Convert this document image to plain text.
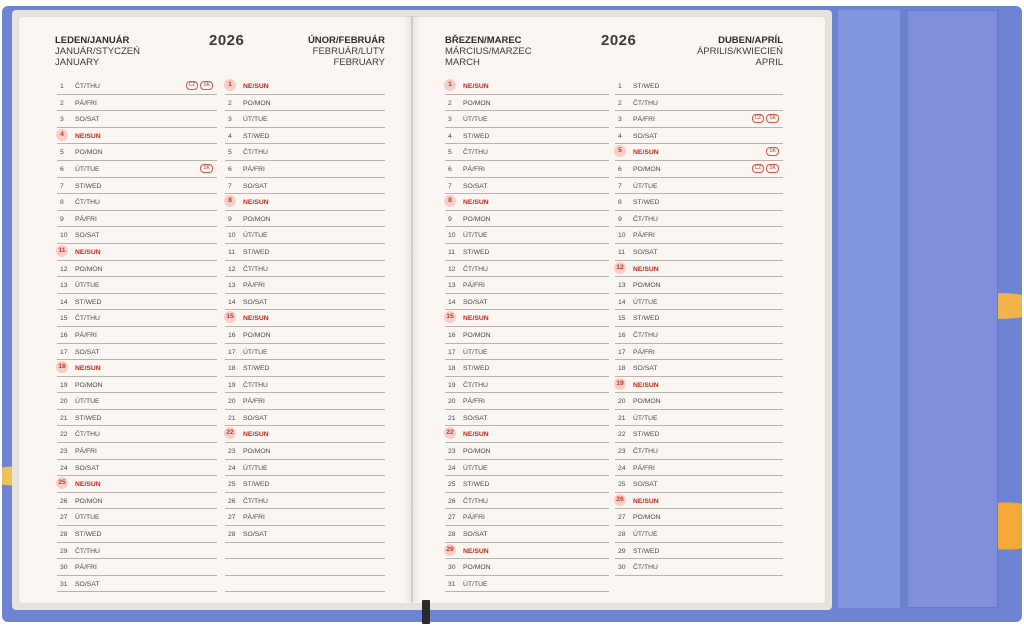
LEDEN/JANUÁR
JANUÁR/STYCZEŃ
JANUARY
2026	ÚNOR/FEBRUÁR
FEBRUÁR/LUTY
FEBRUARY
1	ČT/THU	CZ SK
2	PÁ/FRI
3	SO/SAT
4	NE/SUN
5	PO/MON
6	ÚT/TUE	SK
7	ST/WED
8	ČT/THU
9	PÁ/FRI
10	SO/SAT
11	NE/SUN
12	PO/MON
13	ÚT/TUE
14	ST/WED
15	ČT/THU
16	PÁ/FRI
17	SO/SAT
18	NE/SUN
19	PO/MON
20	ÚT/TUE
21	ST/WED
22	ČT/THU
23	PÁ/FRI
24	SO/SAT
25	NE/SUN
26	PO/MON
27	ÚT/TUE
28	ST/WED
29	ČT/THU
30	PÁ/FRI
31	SO/SAT
1	NE/SUN
2	PO/MON
3	ÚT/TUE
4	ST/WED
5	ČT/THU
6	PÁ/FRI
7	SO/SAT
8	NE/SUN
9	PO/MON
10	ÚT/TUE
11	ST/WED
12	ČT/THU
13	PÁ/FRI
14	SO/SAT
15	NE/SUN
16	PO/MON
17	ÚT/TUE
18	ST/WED
19	ČT/THU
20	PÁ/FRI
21	SO/SAT
22	NE/SUN
23	PO/MON
24	ÚT/TUE
25	ST/WED
26	ČT/THU
27	PÁ/FRI
28	SO/SAT
BŘEZEN/MAREC
MÁRCIUS/MARZEC
MARCH
2026	DUBEN/APRÍL
ÁPRILIS/KWIECIEŃ
APRIL
1	NE/SUN
2	PO/MON
3	ÚT/TUE
4	ST/WED
5	ČT/THU
6	PÁ/FRI
7	SO/SAT
8	NE/SUN
9	PO/MON
10	ÚT/TUE
11	ST/WED
12	ČT/THU
13	PÁ/FRI
14	SO/SAT
15	NE/SUN
16	PO/MON
17	ÚT/TUE
18	ST/WED
19	ČT/THU
20	PÁ/FRI
21	SO/SAT
22	NE/SUN
23	PO/MON
24	ÚT/TUE
25	ST/WED
26	ČT/THU
27	PÁ/FRI
28	SO/SAT
29	NE/SUN
30	PO/MON
31	ÚT/TUE
1	ST/WED
2	ČT/THU
3	PÁ/FRI	CZ SK
4	SO/SAT
5	NE/SUN	SK
6	PO/MON	CZ SK
7	ÚT/TUE
8	ST/WED
9	ČT/THU
10	PÁ/FRI
11	SO/SAT
12	NE/SUN
13	PO/MON
14	ÚT/TUE
15	ST/WED
16	ČT/THU
17	PÁ/FRI
18	SO/SAT
19	NE/SUN
20	PO/MON
21	ÚT/TUE
22	ST/WED
23	ČT/THU
24	PÁ/FRI
25	SO/SAT
26	NE/SUN
27	PO/MON
28	ÚT/TUE
29	ST/WED
30	ČT/THU
